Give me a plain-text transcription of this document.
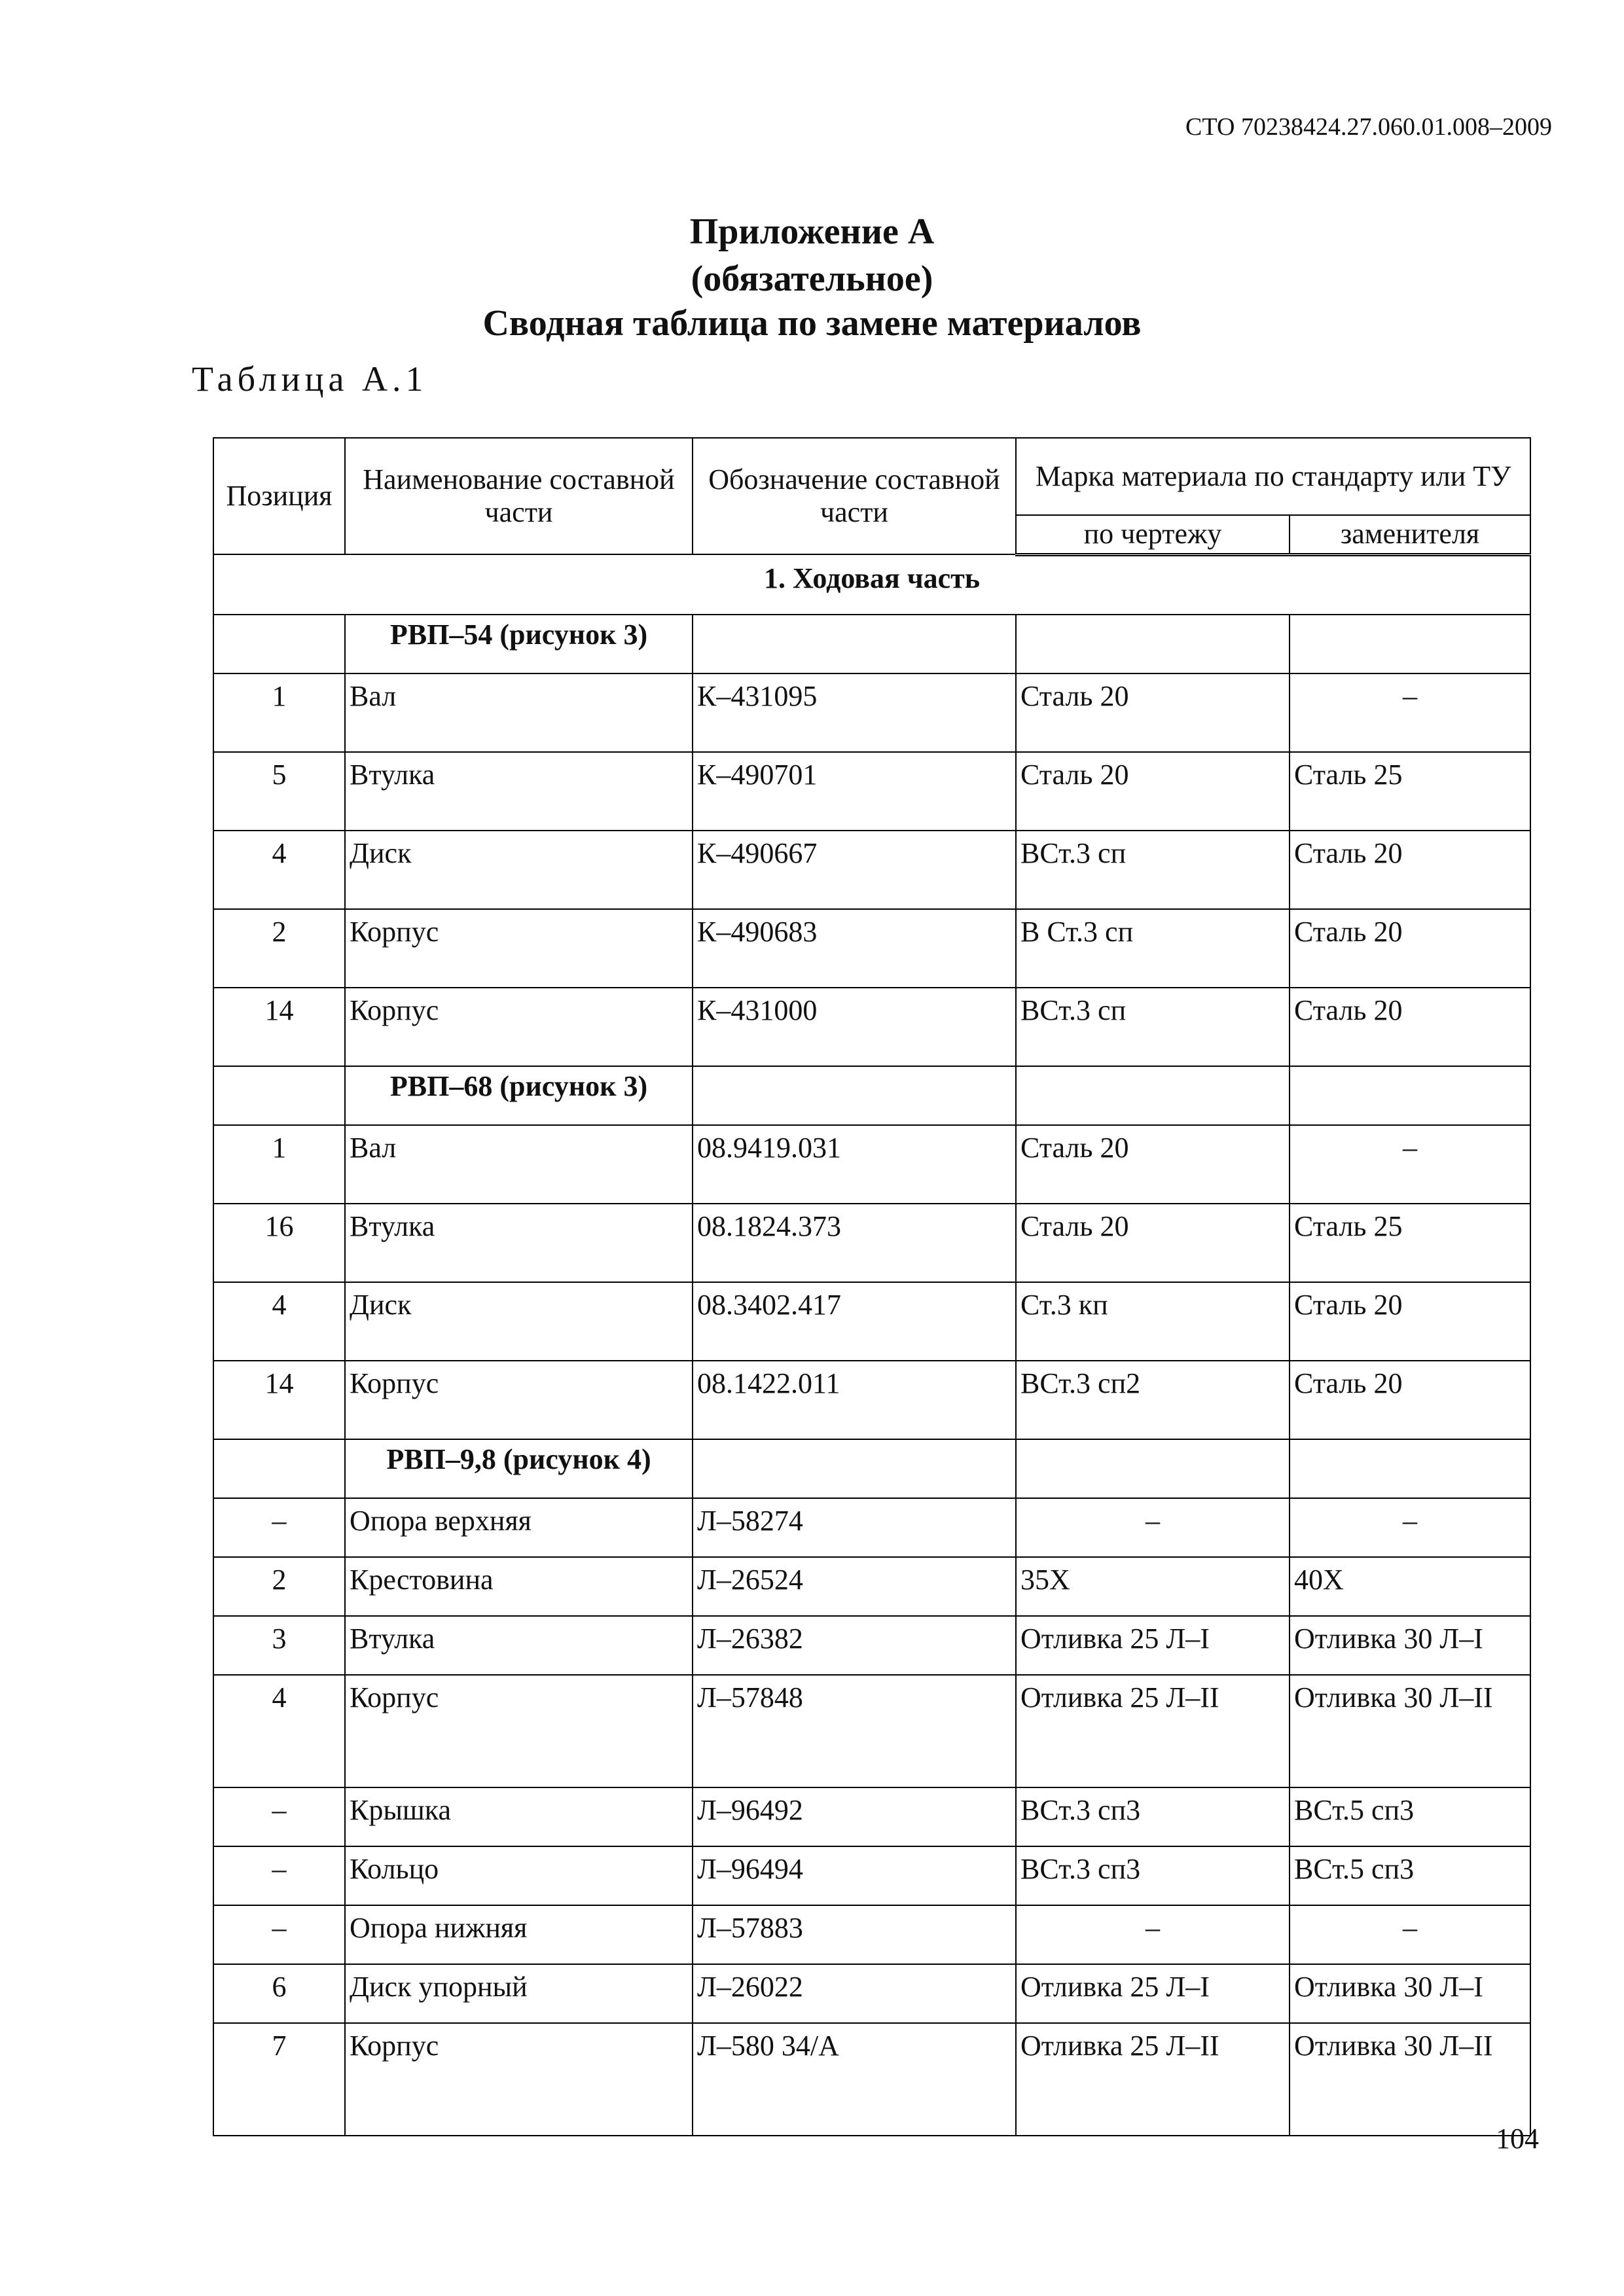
СТО 70238424.27.060.01.008–2009
Приложение А
(обязательное)
Сводная таблица по замене материалов
Таблица А.1
Позиция	Наименование составной части	Обозначение составной части	Марка материала по стандарту или ТУ	
			по чертежу	заменителя
1. Ходовая часть				
	РВП–54 (рисунок 3)			
1	Вал	К–431095	Сталь 20	–
5	Втулка	К–490701	Сталь 20	Сталь 25
4	Диск	К–490667	ВСт.3 сп	Сталь 20
2	Корпус	К–490683	В Ст.3 сп	Сталь 20
14	Корпус	К–431000	ВСт.3 сп	Сталь 20
	РВП–68 (рисунок 3)			
1	Вал	08.9419.031	Сталь 20	–
16	Втулка	08.1824.373	Сталь 20	Сталь 25
4	Диск	08.3402.417	Ст.3 кп	Сталь 20
14	Корпус	08.1422.011	ВСт.3 сп2	Сталь 20
	РВП–9,8 (рисунок 4)			
–	Опора верхняя	Л–58274	–	–
2	Крестовина	Л–26524	35Х	40Х
3	Втулка	Л–26382	Отливка 25 Л–I	Отливка 30 Л–I
4	Корпус	Л–57848	Отливка 25 Л–II	Отливка 30 Л–II
–	Крышка	Л–96492	ВСт.3 сп3	ВСт.5 сп3
–	Кольцо	Л–96494	ВСт.3 сп3	ВСт.5 сп3
–	Опора нижняя	Л–57883	–	–
6	Диск упорный	Л–26022	Отливка 25 Л–I	Отливка 30 Л–I
7	Корпус	Л–580 34/А	Отливка 25 Л–II	Отливка 30 Л–II
104
